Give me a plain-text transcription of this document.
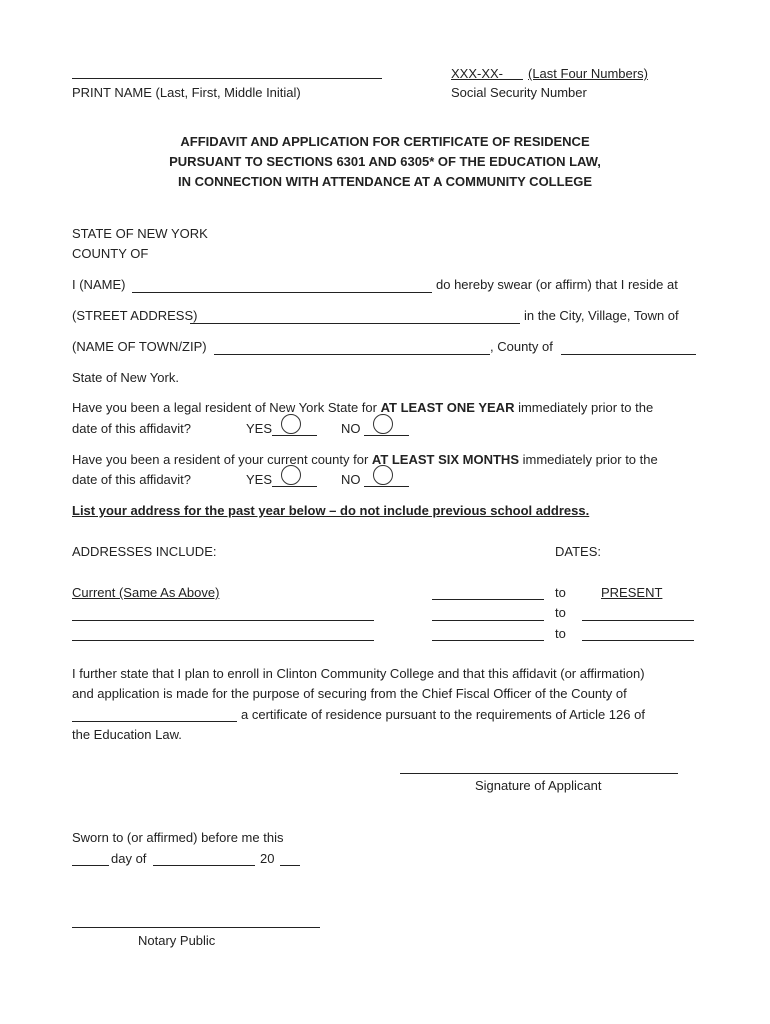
PRINT NAME (Last, First, Middle Initial)
XXX-XX- (Last Four Numbers)
Social Security Number
AFFIDAVIT AND APPLICATION FOR CERTIFICATE OF RESIDENCE
PURSUANT TO SECTIONS 6301 AND 6305* OF THE EDUCATION LAW,
IN CONNECTION WITH ATTENDANCE AT A COMMUNITY COLLEGE
STATE OF NEW YORK
COUNTY OF
I (NAME)	do hereby swear (or affirm) that I reside at
(STREET ADDRESS)	in the City, Village, Town of
(NAME OF TOWN/ZIP)	, County of
State of New York.
Have you been a legal resident of New York State for AT LEAST ONE YEAR immediately prior to the
date of this affidavit?	YES	NO
Have you been a resident of your current county for AT LEAST SIX MONTHS immediately prior to the
date of this affidavit?	YES	NO
List your address for the past year below – do not include previous school address.
ADDRESSES INCLUDE:	DATES:
Current (Same As Above)	to	PRESENT
to
to
I further state that I plan to enroll in Clinton Community College and that this affidavit (or affirmation)
and application is made for the purpose of securing from the Chief Fiscal Officer of the County of
a certificate of residence pursuant to the requirements of Article 126 of
the Education Law.
Signature of Applicant
Sworn to (or affirmed) before me this
day of	20
Notary Public
